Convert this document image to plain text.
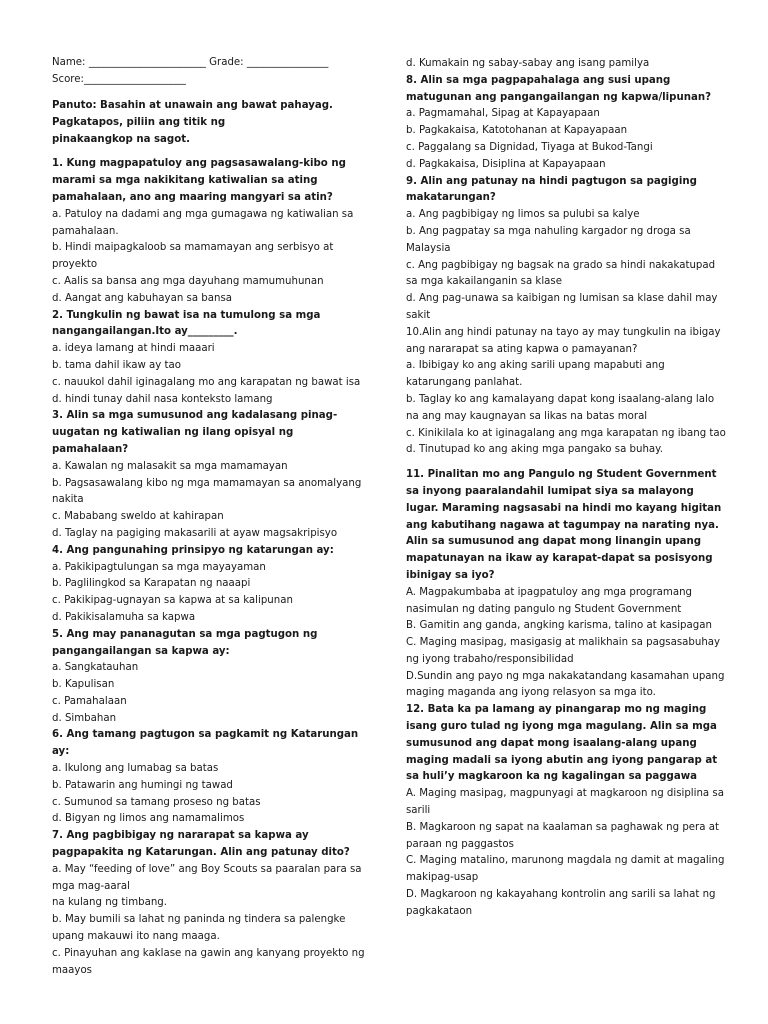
Name: _______________________ Grade: ________________
Score:____________________
Panuto: Basahin at unawain ang bawat pahayag.
Pagkatapos, piliin ang titik ng
pinakaangkop na sagot.
1. Kung magpapatuloy ang pagsasawalang-kibo ng marami sa mga nakikitang katiwalian sa ating pamahalaan, ano ang maaring mangyari sa atin?
a. Patuloy na dadami ang mga gumagawa ng katiwalian sa pamahalaan.
b. Hindi maipagkaloob sa mamamayan ang serbisyo at proyekto
c. Aalis sa bansa ang mga dayuhang mamumuhunan
d. Aangat ang kabuhayan sa bansa
2. Tungkulin ng bawat isa na tumulong sa mga nangangailangan.Ito ay_________.
a. ideya lamang at hindi maaari
b. tama dahil ikaw ay tao
c. nauukol dahil iginagalang mo ang karapatan ng bawat isa
d. hindi tunay dahil nasa konteksto lamang
3. Alin sa mga sumusunod ang kadalasang pinag-uugatan ng katiwalian ng ilang opisyal ng pamahalaan?
a. Kawalan ng malasakit sa mga mamamayan
b. Pagsasawalang kibo ng mga mamamayan sa anomalyang nakita
c. Mababang sweldo at kahirapan
d. Taglay na pagiging makasarili at ayaw magsakripisyo
4. Ang pangunahing prinsipyo ng katarungan ay:
a. Pakikipagtulungan sa mga mayayaman
b. Paglilingkod sa Karapatan ng naaapi
c. Pakikipag-ugnayan sa kapwa at sa kalipunan
d. Pakikisalamuha sa kapwa
5. Ang may pananagutan sa mga pagtugon ng pangangailangan sa kapwa ay:
a. Sangkatauhan
b. Kapulisan
c. Pamahalaan
d. Simbahan
6. Ang tamang pagtugon sa pagkamit ng Katarungan ay:
a. Ikulong ang lumabag sa batas
b. Patawarin ang humingi ng tawad
c. Sumunod sa tamang proseso ng batas
d. Bigyan ng limos ang namamalimos
7. Ang pagbibigay ng nararapat sa kapwa ay pagpapakita ng Katarungan. Alin ang patunay dito?
a. May “feeding of love” ang Boy Scouts sa paaralan para sa mga mag-aaral
na kulang ng timbang.
b. May bumili sa lahat ng paninda ng tindera sa palengke upang makauwi ito nang maaga.
c. Pinayuhan ang kaklase na gawin ang kanyang proyekto ng maayos
d. Kumakain ng sabay-sabay ang isang pamilya
8. Alin sa mga pagpapahalaga ang susi upang matugunan ang pangangailangan ng kapwa/lipunan?
a. Pagmamahal, Sipag at Kapayapaan
b. Pagkakaisa, Katotohanan at Kapayapaan
c. Paggalang sa Dignidad, Tiyaga at Bukod-Tangi
d. Pagkakaisa, Disiplina at Kapayapaan
9. Alin ang patunay na hindi pagtugon sa pagiging makatarungan?
a. Ang pagbibigay ng limos sa pulubi sa kalye
b. Ang pagpatay sa mga nahuling kargador ng droga sa Malaysia
c. Ang pagbibigay ng bagsak na grado sa hindi nakakatupad sa mga kakailanganin sa klase
d. Ang pag-unawa sa kaibigan ng lumisan sa klase dahil may sakit
10.Alin ang hindi patunay na tayo ay may tungkulin na ibigay ang nararapat sa ating kapwa o pamayanan?
a. Ibibigay ko ang aking sarili upang mapabuti ang katarungang panlahat.
b. Taglay ko ang kamalayang dapat kong isaalang-alang lalo na ang may kaugnayan sa likas na batas moral
c. Kinikilala ko at iginagalang ang mga karapatan ng ibang tao
d. Tinutupad ko ang aking mga pangako sa buhay.
11. Pinalitan mo ang Pangulo ng Student Government sa inyong paaralandahil lumipat siya sa malayong lugar. Maraming nagsasabi na hindi mo kayang higitan ang kabutihang nagawa at tagumpay na narating nya. Alin sa sumusunod ang dapat mong linangin upang mapatunayan na ikaw ay karapat-dapat sa posisyong ibinigay sa iyo?
A. Magpakumbaba at ipagpatuloy ang mga programang nasimulan ng dating pangulo ng Student Government
B. Gamitin ang ganda, angking karisma, talino at kasipagan
C. Maging masipag, masigasig at malikhain sa pagsasabuhay ng iyong trabaho/responsibilidad
D.Sundin ang payo ng mga nakakatandang kasamahan upang maging maganda ang iyong relasyon sa mga ito.
12. Bata ka pa lamang ay pinangarap mo ng maging isang guro tulad ng iyong mga magulang. Alin sa mga sumusunod ang dapat mong isaalang-alang upang maging madali sa iyong abutin ang iyong pangarap at sa huli’y magkaroon ka ng kagalingan sa paggawa
A. Maging masipag, magpunyagi at magkaroon ng disiplina sa sarili
B. Magkaroon ng sapat na kaalaman sa paghawak ng pera at paraan ng paggastos
C. Maging matalino, marunong magdala ng damit at magaling makipag-usap
D. Magkaroon ng kakayahang kontrolin ang sarili sa lahat ng pagkakataon
